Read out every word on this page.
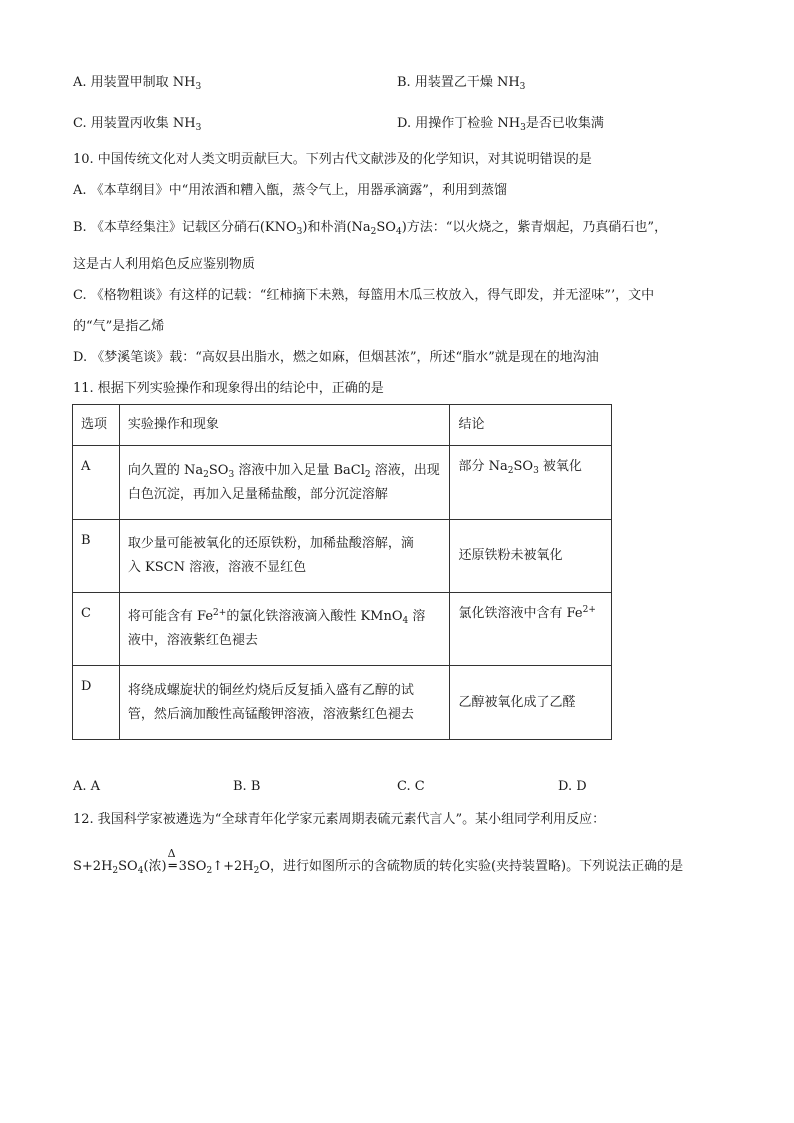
A. 用装置甲制取 $NH_3$	B. 用装置乙干燥 $NH_3$
C. 用装置丙收集 $NH_3$	D. 用操作丁检验 $NH_3$是否已收集满
10. 中国传统文化对人类文明贡献巨大。下列古代文献涉及的化学知识，对其说明错误的是
A. 《本草纲目》中“用浓酒和糟入甑，蒸令气上，用器承滴露”，利用到蒸馏
B. 《本草经集注》记载区分硝石$(KNO_3)$和朴消$(Na_2SO_4)$方法：“以火烧之，紫青烟起，乃真硝石也”，
这是古人利用焰色反应鉴别物质
C. 《格物粗谈》有这样的记载：“红柿摘下未熟，每篮用木瓜三枚放入，得气即发，并无涩味”’，文中
的“气”是指乙烯
D. 《梦溪笔谈》载：“高奴县出脂水，燃之如麻，但烟甚浓”，所述“脂水”就是现在的地沟油
11. 根据下列实验操作和现象得出的结论中，正确的是
选项	实验操作和现象	结论
A	向久置的 $Na_2SO_3$ 溶液中加入足量 BaCl$_2$ 溶液，出现
白色沉淀，再加入足量稀盐酸，部分沉淀溶解	部分 $Na_2SO_3$ 被氧化
B	取少量可能被氧化的还原铁粉，加稀盐酸溶解，滴
入 KSCN 溶液，溶液不显红色	还原铁粉未被氧化
C	将可能含有 $Fe^{2+}$的氯化铁溶液滴入酸性 KMnO$_4$ 溶
液中，溶液紫红色褪去	氯化铁溶液中含有 $Fe^{2+}$
D	将绕成螺旋状的铜丝灼烧后反复插入盛有乙醇的试
管，然后滴加酸性高锰酸钾溶液，溶液紫红色褪去	乙醇被氧化成了乙醛
A. A	B. B	C. C	D. D
12. 我国科学家被遴选为“全球青年化学家元素周期表硫元素代言人”。某小组同学利用反应：
$S+2H_2SO_4$(浓)
Δ
═ $3SO_2↑+2H_2O$，进行如图所示的含硫物质的转化实验(夹持装置略)。下列说法正确的是
